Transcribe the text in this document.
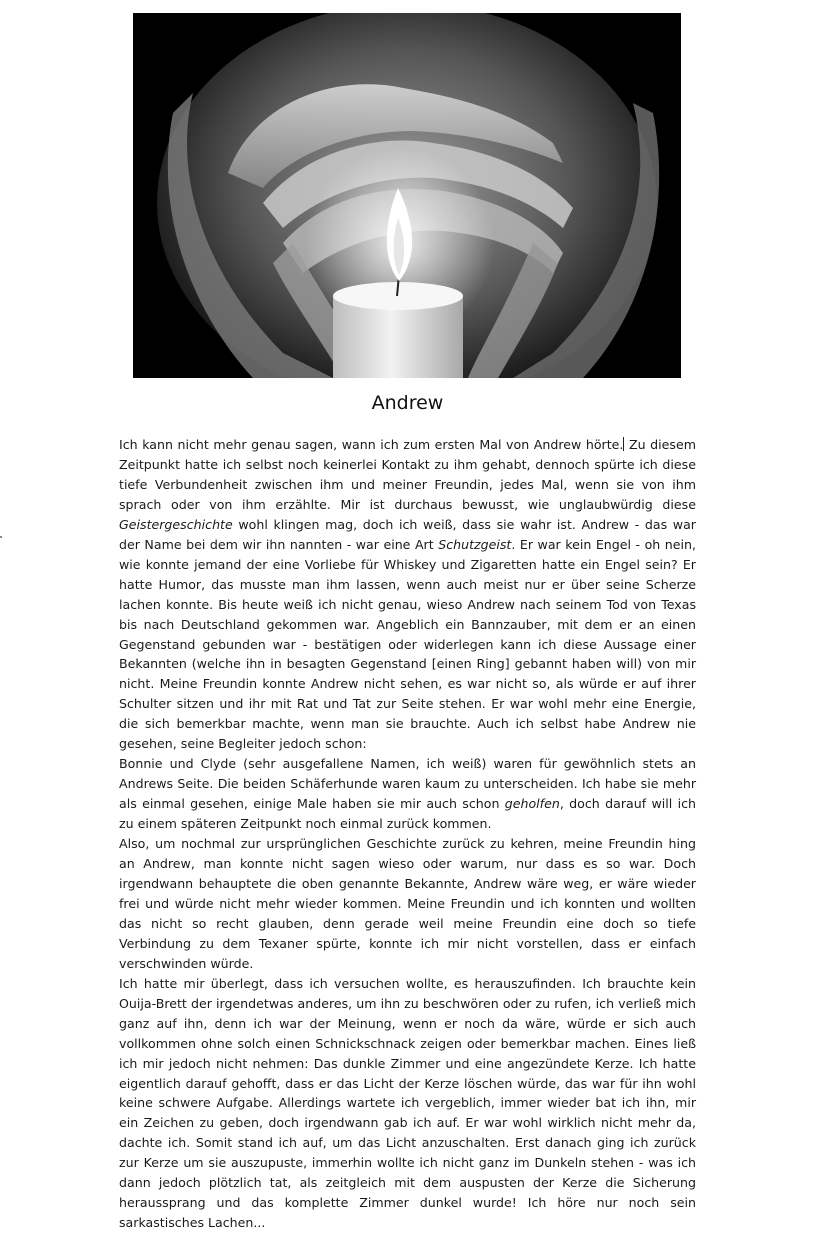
Andrew

Ich kann nicht mehr genau sagen, wann ich zum ersten Mal von Andrew hörte. Zu diesem Zeitpunkt hatte ich selbst noch keinerlei Kontakt zu ihm gehabt, dennoch spürte ich diese tiefe Verbundenheit zwischen ihm und meiner Freundin, jedes Mal, wenn sie von ihm sprach oder von ihm erzählte. Mir ist durchaus bewusst, wie unglaubwürdig diese Geistergeschichte wohl klingen mag, doch ich weiß, dass sie wahr ist. Andrew - das war der Name bei dem wir ihn nannten - war eine Art Schutzgeist. Er war kein Engel - oh nein, wie konnte jemand der eine Vorliebe für Whiskey und Zigaretten hatte ein Engel sein? Er hatte Humor, das musste man ihm lassen, wenn auch meist nur er über seine Scherze lachen konnte. Bis heute weiß ich nicht genau, wieso Andrew nach seinem Tod von Texas bis nach Deutschland gekommen war. Angeblich ein Bannzauber, mit dem er an einen Gegenstand gebunden war - bestätigen oder widerlegen kann ich diese Aussage einer Bekannten (welche ihn in besagten Gegenstand [einen Ring] gebannt haben will) von mir nicht. Meine Freundin konnte Andrew nicht sehen, es war nicht so, als würde er auf ihrer Schulter sitzen und ihr mit Rat und Tat zur Seite stehen. Er war wohl mehr eine Energie, die sich bemerkbar machte, wenn man sie brauchte. Auch ich selbst habe Andrew nie gesehen, seine Begleiter jedoch schon:

Bonnie und Clyde (sehr ausgefallene Namen, ich weiß) waren für gewöhnlich stets an Andrews Seite. Die beiden Schäferhunde waren kaum zu unterscheiden. Ich habe sie mehr als einmal gesehen, einige Male haben sie mir auch schon geholfen, doch darauf will ich zu einem späteren Zeitpunkt noch einmal zurück kommen.

Also, um nochmal zur ursprünglichen Geschichte zurück zu kehren, meine Freundin hing an Andrew, man konnte nicht sagen wieso oder warum, nur dass es so war. Doch irgendwann behauptete die oben genannte Bekannte, Andrew wäre weg, er wäre wieder frei und würde nicht mehr wieder kommen. Meine Freundin und ich konnten und wollten das nicht so recht glauben, denn gerade weil meine Freundin eine doch so tiefe Verbindung zu dem Texaner spürte, konnte ich mir nicht vorstellen, dass er einfach verschwinden würde.

Ich hatte mir überlegt, dass ich versuchen wollte, es herauszufinden. Ich brauchte kein Ouija-Brett der irgendetwas anderes, um ihn zu beschwören oder zu rufen, ich verließ mich ganz auf ihn, denn ich war der Meinung, wenn er noch da wäre, würde er sich auch vollkommen ohne solch einen Schnickschnack zeigen oder bemerkbar machen. Eines ließ ich mir jedoch nicht nehmen: Das dunkle Zimmer und eine angezündete Kerze. Ich hatte eigentlich darauf gehofft, dass er das Licht der Kerze löschen würde, das war für ihn wohl keine schwere Aufgabe. Allerdings wartete ich vergeblich, immer wieder bat ich ihn, mir ein Zeichen zu geben, doch irgendwann gab ich auf. Er war wohl wirklich nicht mehr da, dachte ich. Somit stand ich auf, um das Licht anzuschalten. Erst danach ging ich zurück zur Kerze um sie auszupuste, immerhin wollte ich nicht ganz im Dunkeln stehen - was ich dann jedoch plötzlich tat, als zeitgleich mit dem auspusten der Kerze die Sicherung heraussprang und das komplette Zimmer dunkel wurde! Ich höre nur noch sein sarkastisches Lachen...
